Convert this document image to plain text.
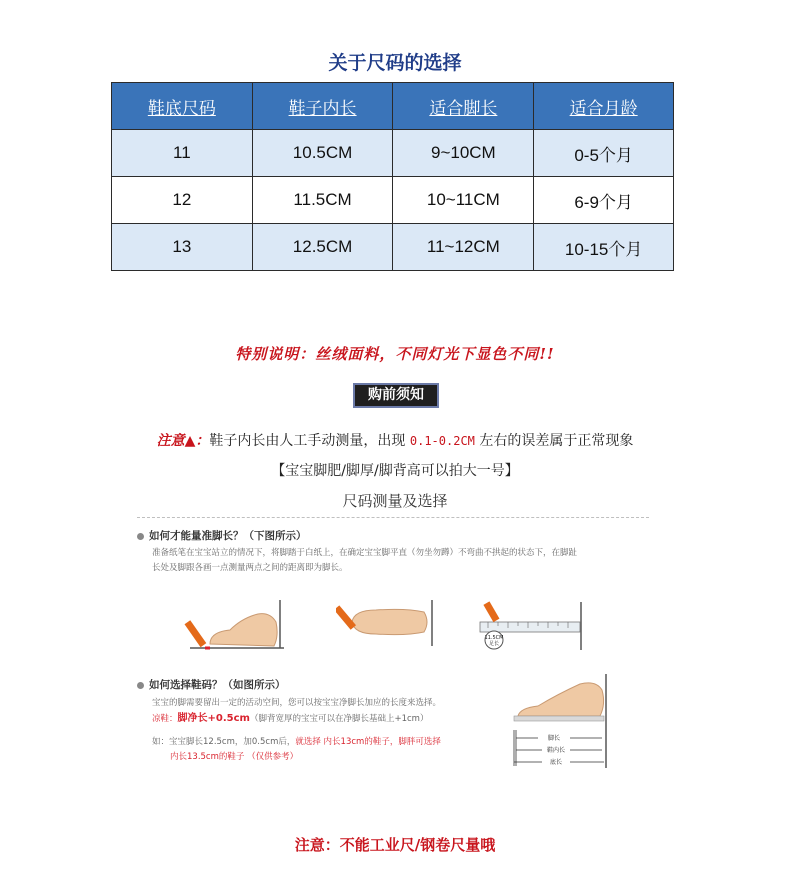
关于尺码的选择
鞋底尺码	鞋子内长	适合脚长	适合月龄
11	10.5CM	9~10CM	0-5个月
12	11.5CM	10~11CM	6-9个月
13	12.5CM	11~12CM	10-15个月
特别说明：丝绒面料，不同灯光下显色不同!!
购前须知
注意▲：鞋子内长由人工手动测量，出现 0.1-0.2CM 左右的误差属于正常现象
【宝宝脚肥/脚厚/脚背高可以拍大一号】
尺码测量及选择
如何才能量准脚长？（下图所示）
准备纸笔在宝宝站立的情况下，将脚踏于白纸上，在确定宝宝脚平直（勿坐勿蹲）不弯曲不拱起的状态下，在脚趾
长处及脚跟各画一点测量两点之间的距离即为脚长。
11.5CM
足长
如何选择鞋码？（如图所示）
宝宝的脚需要留出一定的活动空间，您可以按宝宝净脚长加应的长度来选择。
凉鞋：脚净长+0.5cm（脚背宽厚的宝宝可以在净脚长基础上+1cm）
如：宝宝脚长12.5cm，加0.5cm后，就选择 内长13cm的鞋子，脚胖可选择
内长13.5cm的鞋子 （仅供参考）
脚长
鞋内长
底长
注意：不能工业尺/钢卷尺量哦
